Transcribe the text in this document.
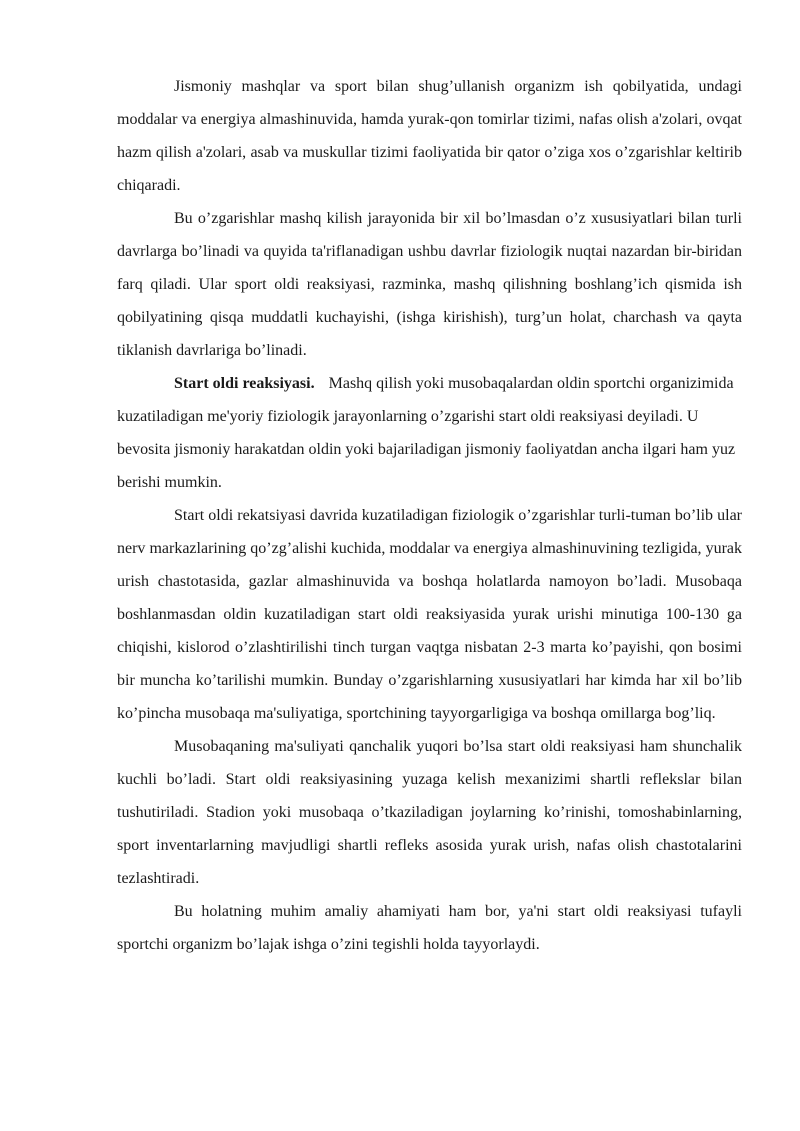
Jismoniy mashqlar va sport bilan shug’ullanish organizm ish qobilyatida, undagi moddalar va energiya almashinuvida, hamda yurak-qon tomirlar tizimi, nafas olish a'zolari, ovqat hazm qilish a'zolari, asab va muskullar tizimi faoliyatida bir qator o’ziga xos o’zgarishlar keltirib chiqaradi.

Bu o’zgarishlar mashq kilish jarayonida bir xil bo’lmasdan o’z xususiyatlari bilan turli davrlarga bo’linadi va quyida ta'riflanadigan ushbu davrlar fiziologik nuqtai nazardan bir-biridan farq qiladi. Ular sport oldi reaksiyasi, razminka, mashq qilishning boshlang’ich qismida ish qobilyatining qisqa muddatli kuchayishi, (ishga kirishish), turg’un holat, charchash va qayta tiklanish davrlariga bo’linadi.

Start oldi reaksiyasi. Mashq qilish yoki musobaqalardan oldin sportchi organizimida kuzatiladigan me'yoriy fiziologik jarayonlarning o’zgarishi start oldi reaksiyasi deyiladi. U bevosita jismoniy harakatdan oldin yoki bajariladigan jismoniy faoliyatdan ancha ilgari ham yuz berishi mumkin.

Start oldi rekatsiyasi davrida kuzatiladigan fiziologik o’zgarishlar turli-tuman bo’lib ular nerv markazlarining qo’zg’alishi kuchida, moddalar va energiya almashinuvining tezligida, yurak urish chastotasida, gazlar almashinuvida va boshqa holatlarda namoyon bo’ladi. Musobaqa boshlanmasdan oldin kuzatiladigan start oldi reaksiyasida yurak urishi minutiga 100-130 ga chiqishi, kislorod o’zlashtirilishi tinch turgan vaqtga nisbatan 2-3 marta ko’payishi, qon bosimi bir muncha ko’tarilishi mumkin. Bunday o’zgarishlarning xususiyatlari har kimda har xil bo’lib ko’pincha musobaqa ma'suliyatiga, sportchining tayyorgarligiga va boshqa omillarga bog’liq.

Musobaqaning ma'suliyati qanchalik yuqori bo’lsa start oldi reaksiyasi ham shunchalik kuchli bo’ladi. Start oldi reaksiyasining yuzaga kelish mexanizimi shartli reflekslar bilan tushutiriladi. Stadion yoki musobaqa o’tkaziladigan joylarning ko’rinishi, tomoshabinlarning, sport inventarlarning mavjudligi shartli refleks asosida yurak urish, nafas olish chastotalarini tezlashtiradi.

Bu holatning muhim amaliy ahamiyati ham bor, ya'ni start oldi reaksiyasi tufayli sportchi organizm bo’lajak ishga o’zini tegishli holda tayyorlaydi.
